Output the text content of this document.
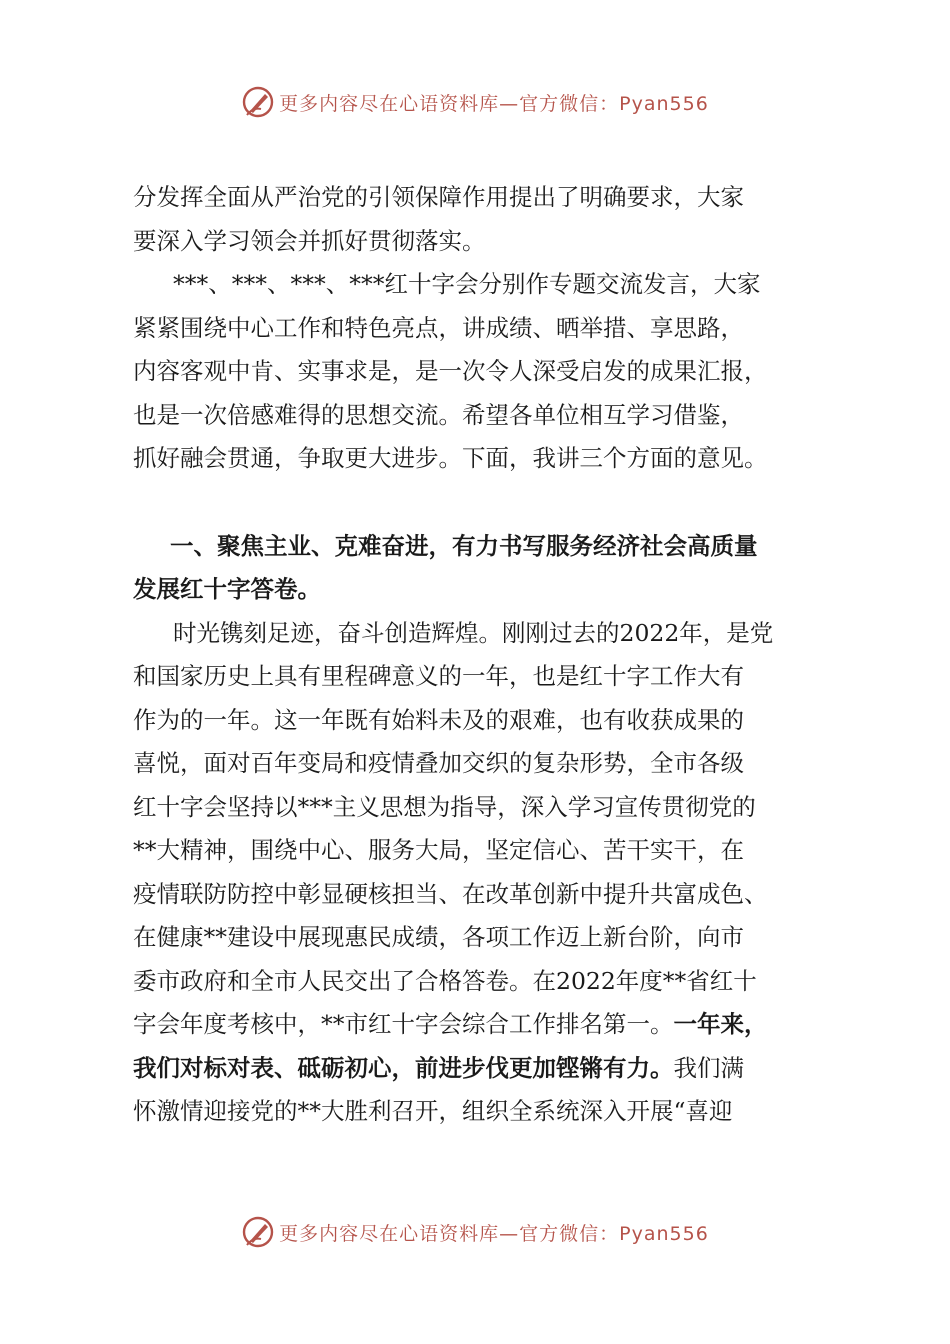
更多内容尽在心语资料库—官方微信：Pyan556
分发挥全面从严治党的引领保障作用提出了明确要求，大家
要深入学习领会并抓好贯彻落实。
***、***、***、***红十字会分别作专题交流发言，大家
紧紧围绕中心工作和特色亮点，讲成绩、晒举措、享思路，
内容客观中肯、实事求是，是一次令人深受启发的成果汇报，
也是一次倍感难得的思想交流。希望各单位相互学习借鉴，
抓好融会贯通，争取更大进步。下面，我讲三个方面的意见。
一、聚焦主业、克难奋进，有力书写服务经济社会高质量
发展红十字答卷。
时光镌刻足迹，奋斗创造辉煌。刚刚过去的2022年，是党
和国家历史上具有里程碑意义的一年，也是红十字工作大有
作为的一年。这一年既有始料未及的艰难，也有收获成果的
喜悦，面对百年变局和疫情叠加交织的复杂形势，全市各级
红十字会坚持以***主义思想为指导，深入学习宣传贯彻党的
**大精神，围绕中心、服务大局，坚定信心、苦干实干，在
疫情联防防控中彰显硬核担当、在改革创新中提升共富成色、
在健康**建设中展现惠民成绩，各项工作迈上新台阶，向市
委市政府和全市人民交出了合格答卷。在2022年度**省红十
字会年度考核中，**市红十字会综合工作排名第一。一年来，
我们对标对表、砥砺初心，前进步伐更加铿锵有力。我们满
怀激情迎接党的**大胜利召开，组织全系统深入开展“喜迎
更多内容尽在心语资料库—官方微信：Pyan556
